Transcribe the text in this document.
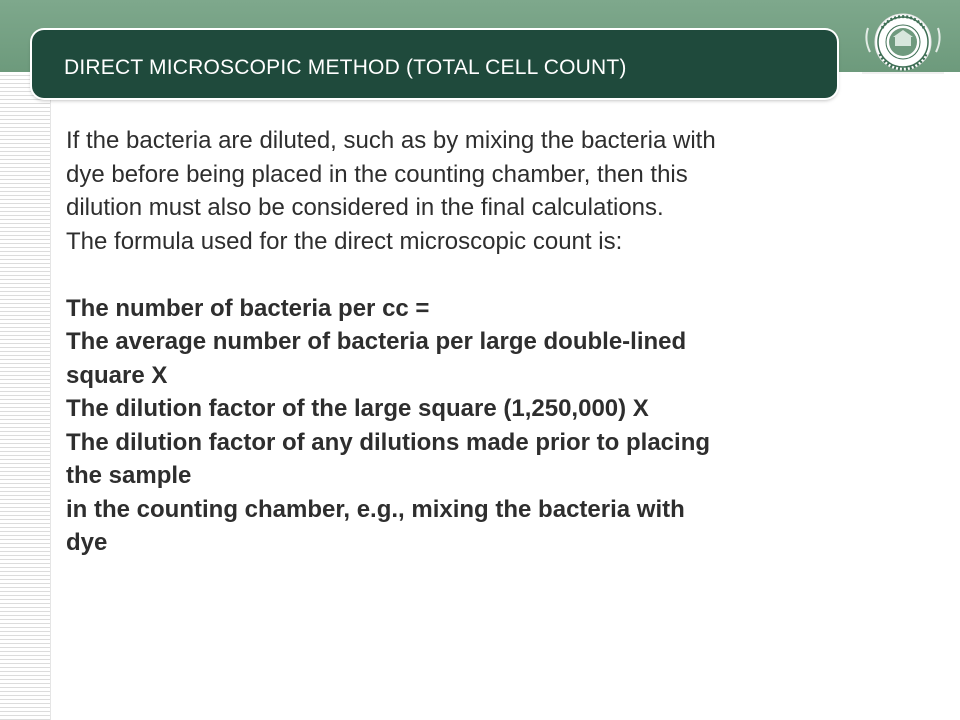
DIRECT MICROSCOPIC METHOD (TOTAL CELL COUNT)

If the bacteria are diluted, such as by mixing the bacteria with

dye before being placed in the counting chamber, then this

dilution must also be considered in the final calculations.

The formula used for the direct microscopic count is:

The number of bacteria per cc =

The average number of bacteria per large double-lined

square X

The dilution factor of the large square (1,250,000) X

The dilution factor of any dilutions made prior to placing

the sample

in the counting chamber, e.g., mixing the bacteria with

dye
